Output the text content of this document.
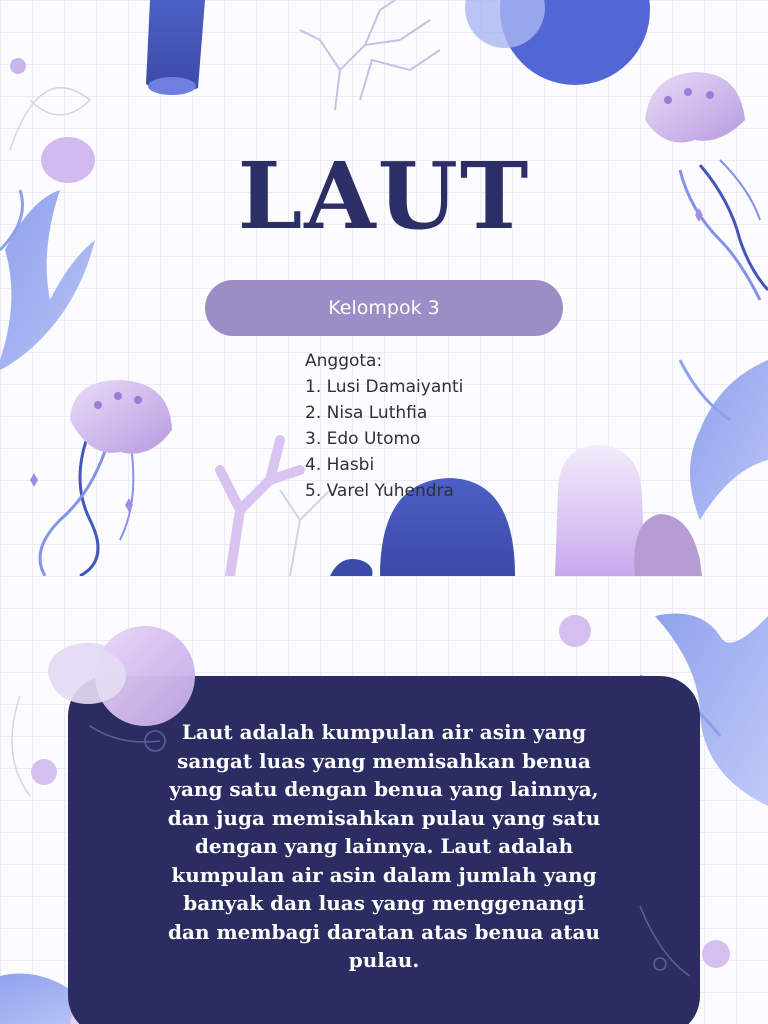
LAUT
Kelompok 3
Anggota:
1. Lusi Damaiyanti
2. Nisa Luthfia
3. Edo Utomo
4. Hasbi
5. Varel Yuhendra

Laut adalah kumpulan air asin yang sangat luas yang memisahkan benua yang satu dengan benua yang lainnya, dan juga memisahkan pulau yang satu dengan yang lainnya. Laut adalah kumpulan air asin dalam jumlah yang banyak dan luas yang menggenangi dan membagi daratan atas benua atau pulau.
